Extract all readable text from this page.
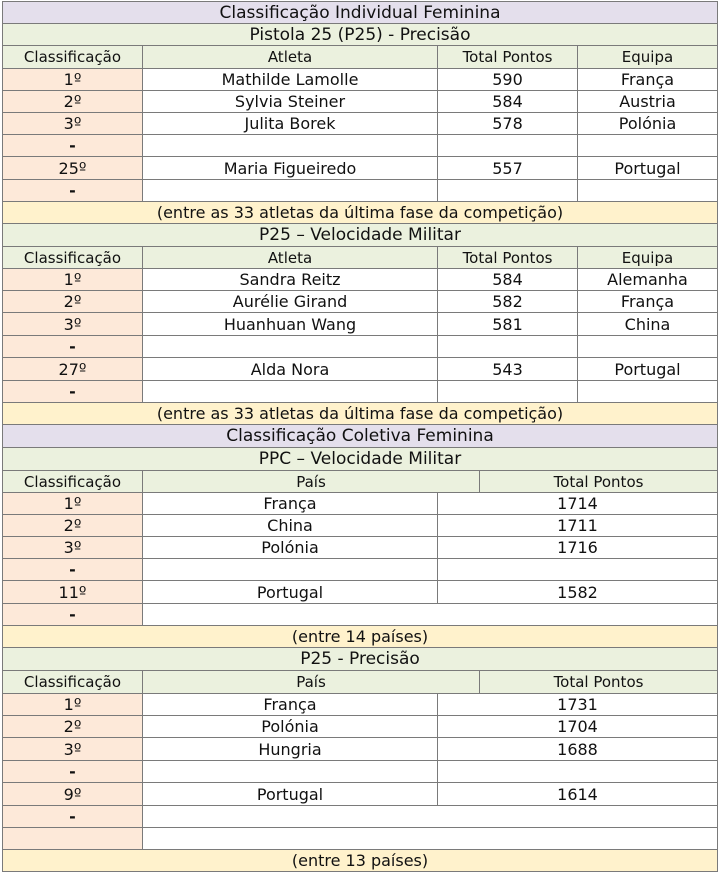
Classificação Individual Feminina
Pistola 25 (P25) - Precisão
Classificação	Atleta	Total Pontos	Equipa
1º	Mathilde Lamolle	590	França
2º	Sylvia Steiner	584	Austria
3º	Julita Borek	578	Polónia
-
25º	Maria Figueiredo	557	Portugal
-
(entre as 33 atletas da última fase da competição)
P25 – Velocidade Militar
Classificação	Atleta	Total Pontos	Equipa
1º	Sandra Reitz	584	Alemanha
2º	Aurélie Girand	582	França
3º	Huanhuan Wang	581	China
-
27º	Alda Nora	543	Portugal
-
(entre as 33 atletas da última fase da competição)
Classificação Coletiva Feminina
PPC – Velocidade Militar
Classificação	País	Total Pontos
1º	França	1714
2º	China	1711
3º	Polónia	1716
-
11º	Portugal	1582
-
(entre 14 países)
P25 - Precisão
Classificação	País	Total Pontos
1º	França	1731
2º	Polónia	1704
3º	Hungria	1688
-
9º	Portugal	1614
-
(entre 13 países)
